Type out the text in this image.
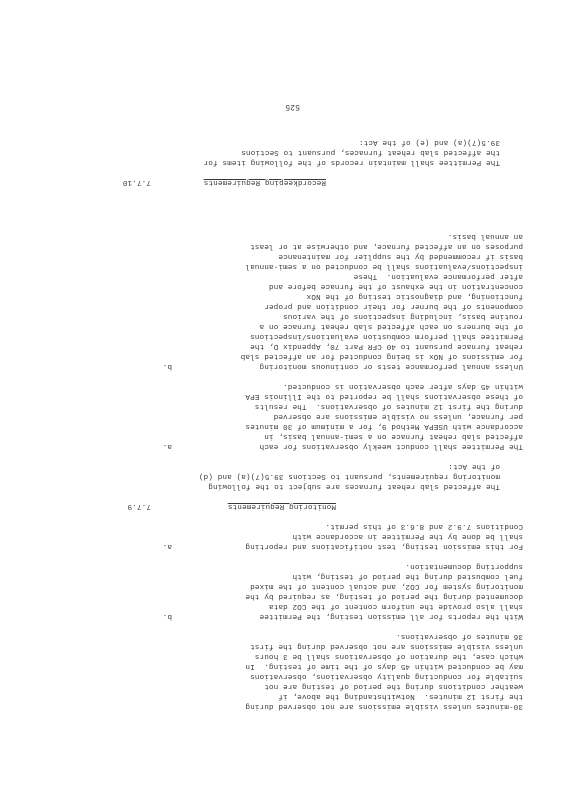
30-minutes unless visible emissions are not observed during
the first 12 minutes.  Notwithstanding the above, if
weather conditions during the period of testing are not
suitable for conducting quality observations, observations
may be conducted within 45 days of the time of testing.  In
which case, the duration of observations shall be 3 hours
unless visible emissions are not observed during the first
36 minutes of observations.
With the reports for all emission testing, the Permittee
b.
shall also provide the uniform content of the CO2 data
documented during the period of testing, as required by the
monitoring system for CO2, and actual content of the mixed
fuel combusted during the period of testing, with
supporting documentation.
For this emission testing, test notifications and reporting
a.
shall be done by the Permittee in accordance with
Conditions 7.9.2 and 8.6.3 of this permit.
Monitoring Requirements
7.7.9
The affected slab reheat furnaces are subject to the following
monitoring requirements, pursuant to Sections 39.5(7)(a) and (d)
of the Act:
The Permittee shall conduct weekly observations for each
a.
affected slab reheat furnace on a semi-annual basis, in
accordance with USEPA Method 9, for a minimum of 30 minutes
per furnace, unless no visible emissions are observed
during the first 12 minutes of observations.  The results
of these observations shall be reported to the Illinois EPA
within 45 days after each observation is conducted.
Unless annual performance tests or continuous monitoring
b.
for emissions of NOx is being conducted for an affected slab
reheat furnace pursuant to 40 CFR Part 70, Appendix D, the
Permittee shall perform combustion evaluations/inspections
of the burners on each affected slab reheat furnace on a
routine basis, including inspections of the various
components of the burner for their condition and proper
functioning, and diagnostic testing of the NOx
concentration in the exhaust of the furnace before and
after performance evaluation.  These
inspections/evaluations shall be conducted on a semi-annual
basis if recommended by the supplier for maintenance
purposes on an affected furnace, and otherwise at or least
an annual basis.
Recordkeeping Requirements
7.7.10
The Permittee shall maintain records of the following items for
the affected slab reheat furnaces, pursuant to Sections
39.5(7)(a) and (e) of the Act:
525
